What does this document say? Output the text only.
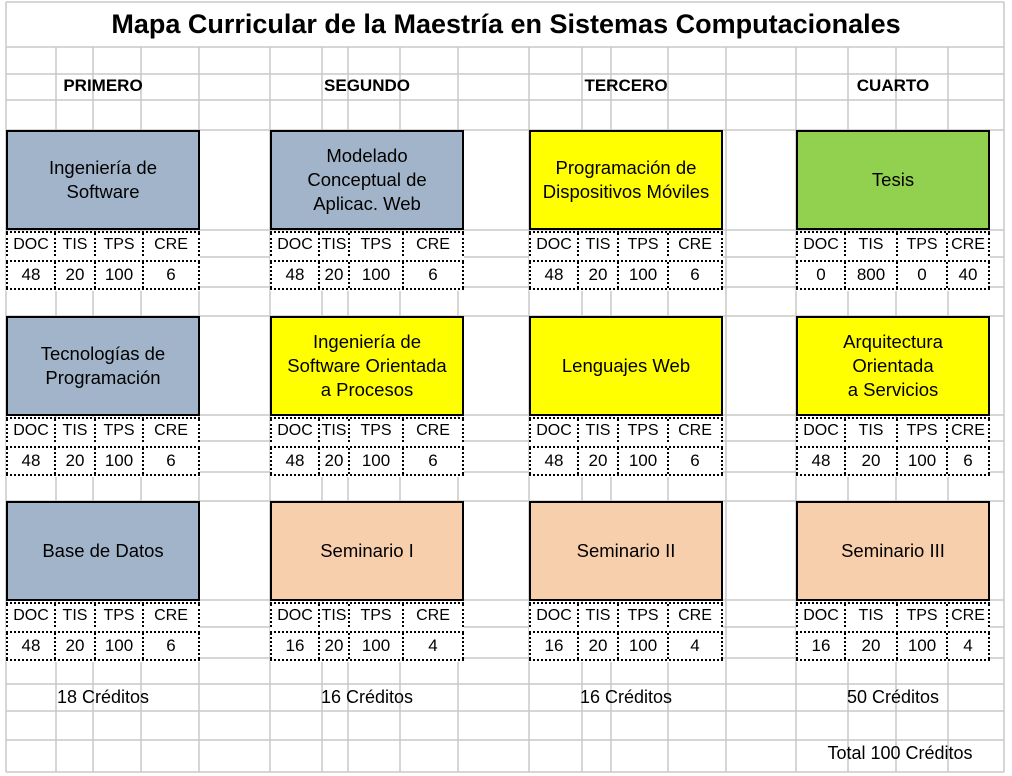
Mapa Curricular de la Maestría en Sistemas Computacionales
PRIMERO
Ingeniería de
Software
DOC TIS	TPS	CRE
48	20	100	6
Tecnologías de
Programación
DOC TIS	TPS	CRE
48	20	100	6
Base de Datos
DOC TIS	TPS	CRE
48	20	100	6
18 Créditos
SEGUNDO
Modelado
Conceptual de
Aplicac. Web
DOC TIS TPS	CRE
48	20	100	6
Ingeniería de
Software Orientada
a Procesos
DOC TIS TPS	CRE
48	20	100	6
Seminario I
DOC TIS TPS	CRE
16	20	100	4
16 Créditos
TERCERO
Programación de
Dispositivos Móviles
DOC TIS	TPS	CRE
48	20	100	6
Lenguajes Web
DOC TIS	TPS	CRE
48	20	100	6
Seminario II
DOC TIS	TPS	CRE
16	20	100	4
16 Créditos
CUARTO
Tesis
DOC	TIS	TPS CRE
0	800	0	40
Arquitectura Orientada
a Servicios
DOC	TIS	TPS CRE
48	20	100	6
Seminario III
DOC	TIS	TPS CRE
16	20	100	4
50 Créditos
Total 100 Créditos
